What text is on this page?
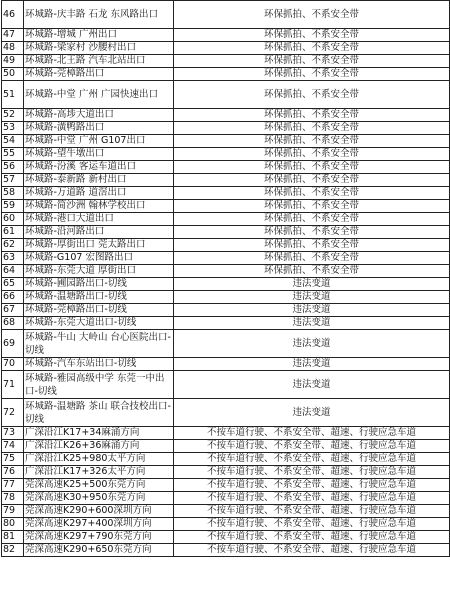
46	环城路-庆丰路 石龙 东风路出口	环保抓拍、不系安全带
47	环城路-增城 广州出口	环保抓拍、不系安全带
48	环城路-梁家村 沙腰村出口	环保抓拍、不系安全带
49	环城路-北王路 汽车北站出口	环保抓拍、不系安全带
50	环城路-莞樟路出口	环保抓拍、不系安全带
51	环城路-中堂 广州 广园快速出口	环保抓拍、不系安全带
52	环城路-高埗大道出口	环保抓拍、不系安全带
53	环城路-潢鸭路出口	环保抓拍、不系安全带
54	环城路-中堂 广州 G107出口	环保抓拍、不系安全带
55	环城路-望牛墩出口	环保抓拍、不系安全带
56	环城路-汾溪 客运车道出口	环保抓拍、不系安全带
57	环城路-泰新路 新村出口	环保抓拍、不系安全带
58	环城路-万道路 道滘出口	环保抓拍、不系安全带
59	环城路-简沙洲 翰林学校出口	环保抓拍、不系安全带
60	环城路-港口大道出口	环保抓拍、不系安全带
61	环城路-沿河路出口	环保抓拍、不系安全带
62	环城路-厚街出口 莞太路出口	环保抓拍、不系安全带
63	环城路-G107 宏图路出口	环保抓拍、不系安全带
64	环城路-东莞大道 厚街出口	环保抓拍、不系安全带
65	环城路-圃园路出口-切线	违法变道
66	环城路-温塘路出口-切线	违法变道
67	环城路-莞樟路出口-切线	违法变道
68	环城路-东莞大道出口-切线	违法变道
69	环城路-牛山 大岭山 台心医院出口-切线	违法变道
70	环城路-汽车东站出口-切线	违法变道
71	环城路-雅园高级中学 东莞一中出口-切线	违法变道
72	环城路-温塘路 茶山 联合技校出口-切线	违法变道
73	广深沿江K17+34麻涌方向	不按车道行驶、不系安全带、超速、行驶应急车道
74	广深沿江K26+36麻涌方向	不按车道行驶、不系安全带、超速、行驶应急车道
75	广深沿江K25+980太平方向	不按车道行驶、不系安全带、超速、行驶应急车道
76	广深沿江K17+326太平方向	不按车道行驶、不系安全带、超速、行驶应急车道
77	莞深高速K25+500东莞方向	不按车道行驶、不系安全带、超速、行驶应急车道
78	莞深高速K30+950东莞方向	不按车道行驶、不系安全带、超速、行驶应急车道
79	莞深高速K290+600深圳方向	不按车道行驶、不系安全带、超速、行驶应急车道
80	莞深高速K297+400深圳方向	不按车道行驶、不系安全带、超速、行驶应急车道
81	莞深高速K297+790东莞方向	不按车道行驶、不系安全带、超速、行驶应急车道
82	莞深高速K290+650东莞方向	不按车道行驶、不系安全带、超速、行驶应急车道
